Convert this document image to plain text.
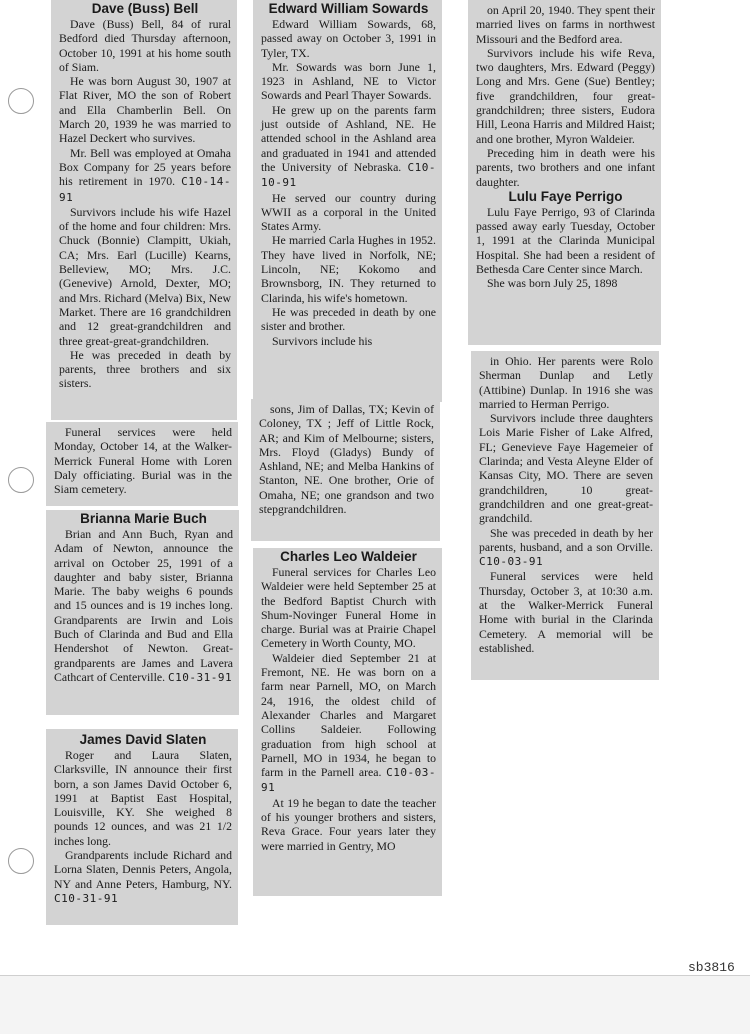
Dave (Buss) Bell

Dave (Buss) Bell, 84 of rural Bedford died Thursday afternoon, October 10, 1991 at his home south of Siam.

He was born August 30, 1907 at Flat River, MO the son of Robert and Ella Chamberlin Bell. On March 20, 1939 he was married to Hazel Deckert who survives.

Mr. Bell was employed at Omaha Box Company for 25 years before his retirement in 1970. C10-14-91

Survivors include his wife Hazel of the home and four children: Mrs. Chuck (Bonnie) Clampitt, Ukiah, CA; Mrs. Earl (Lucille) Kearns, Belleview, MO; Mrs. J.C. (Genevive) Arnold, Dexter, MO; and Mrs. Richard (Melva) Bix, New Market. There are 16 grandchildren and 12 great-grandchildren and three great-great-grandchildren.

He was preceded in death by parents, three brothers and six sisters.

Funeral services were held Monday, October 14, at the Walker-Merrick Funeral Home with Loren Daly officiating. Burial was in the Siam cemetery.

Brianna Marie Buch

Brian and Ann Buch, Ryan and Adam of Newton, announce the arrival on October 25, 1991 of a daughter and baby sister, Brianna Marie. The baby weighs 6 pounds and 15 ounces and is 19 inches long. Grandparents are Irwin and Lois Buch of Clarinda and Bud and Ella Hendershot of Newton. Great-grandparents are James and Lavera Cathcart of Centerville. C10-31-91

James David Slaten

Roger and Laura Slaten, Clarksville, IN announce their first born, a son James David October 6, 1991 at Baptist East Hospital, Louisville, KY. She weighed 8 pounds 12 ounces, and was 21 1/2 inches long.

Grandparents include Richard and Lorna Slaten, Dennis Peters, Angola, NY and Anne Peters, Hamburg, NY. C10-31-91

Edward William Sowards

Edward William Sowards, 68, passed away on October 3, 1991 in Tyler, TX.

Mr. Sowards was born June 1, 1923 in Ashland, NE to Victor Sowards and Pearl Thayer Sowards.

He grew up on the parents farm just outside of Ashland, NE. He attended school in the Ashland area and graduated in 1941 and attended the University of Nebraska. C10-10-91

He served our country during WWII as a corporal in the United States Army.

He married Carla Hughes in 1952. They have lived in Norfolk, NE; Lincoln, NE; Kokomo and Brownsborg, IN. They returned to Clarinda, his wife's hometown.

He was preceded in death by one sister and brother.

Survivors include his

sons, Jim of Dallas, TX; Kevin of Coloney, TX ; Jeff of Little Rock, AR; and Kim of Melbourne; sisters, Mrs. Floyd (Gladys) Bundy of Ashland, NE; and Melba Hankins of Stanton, NE. One brother, Orie of Omaha, NE; one grandson and two stepgrandchildren.

Charles Leo Waldeier

Funeral services for Charles Leo Waldeier were held September 25 at the Bedford Baptist Church with Shum-Novinger Funeral Home in charge. Burial was at Prairie Chapel Cemetery in Worth County, MO.

Waldeier died September 21 at Fremont, NE. He was born on a farm near Parnell, MO, on March 24, 1916, the oldest child of Alexander Charles and Margaret Collins Saldeier. Following graduation from high school at Parnell, MO in 1934, he began to farm in the Parnell area. C10-03-91

At 19 he began to date the teacher of his younger brothers and sisters, Reva Grace. Four years later they were married in Gentry, MO

on April 20, 1940. They spent their married lives on farms in northwest Missouri and the Bedford area.

Survivors include his wife Reva, two daughters, Mrs. Edward (Peggy) Long and Mrs. Gene (Sue) Bentley; five grandchildren, four great-grandchildren; three sisters, Eudora Hill, Leona Harris and Mildred Haist; and one brother, Myron Waldeier.

Preceding him in death were his parents, two brothers and one infant daughter.

Lulu Faye Perrigo

Lulu Faye Perrigo, 93 of Clarinda passed away early Tuesday, October 1, 1991 at the Clarinda Municipal Hospital. She had been a resident of Bethesda Care Center since March.

She was born July 25, 1898

in Ohio. Her parents were Rolo Sherman Dunlap and Letly (Attibine) Dunlap. In 1916 she was married to Herman Perrigo.

Survivors include three daughters Lois Marie Fisher of Lake Alfred, FL; Genevieve Faye Hagemeier of Clarinda; and Vesta Aleyne Elder of Kansas City, MO. There are seven grandchildren, 10 great-grandchildren and one great-great-grandchild.

She was preceded in death by her parents, husband, and a son Orville. C10-03-91

Funeral services were held Thursday, October 3, at 10:30 a.m. at the Walker-Merrick Funeral Home with burial in the Clarinda Cemetery. A memorial will be established.

sb3816
